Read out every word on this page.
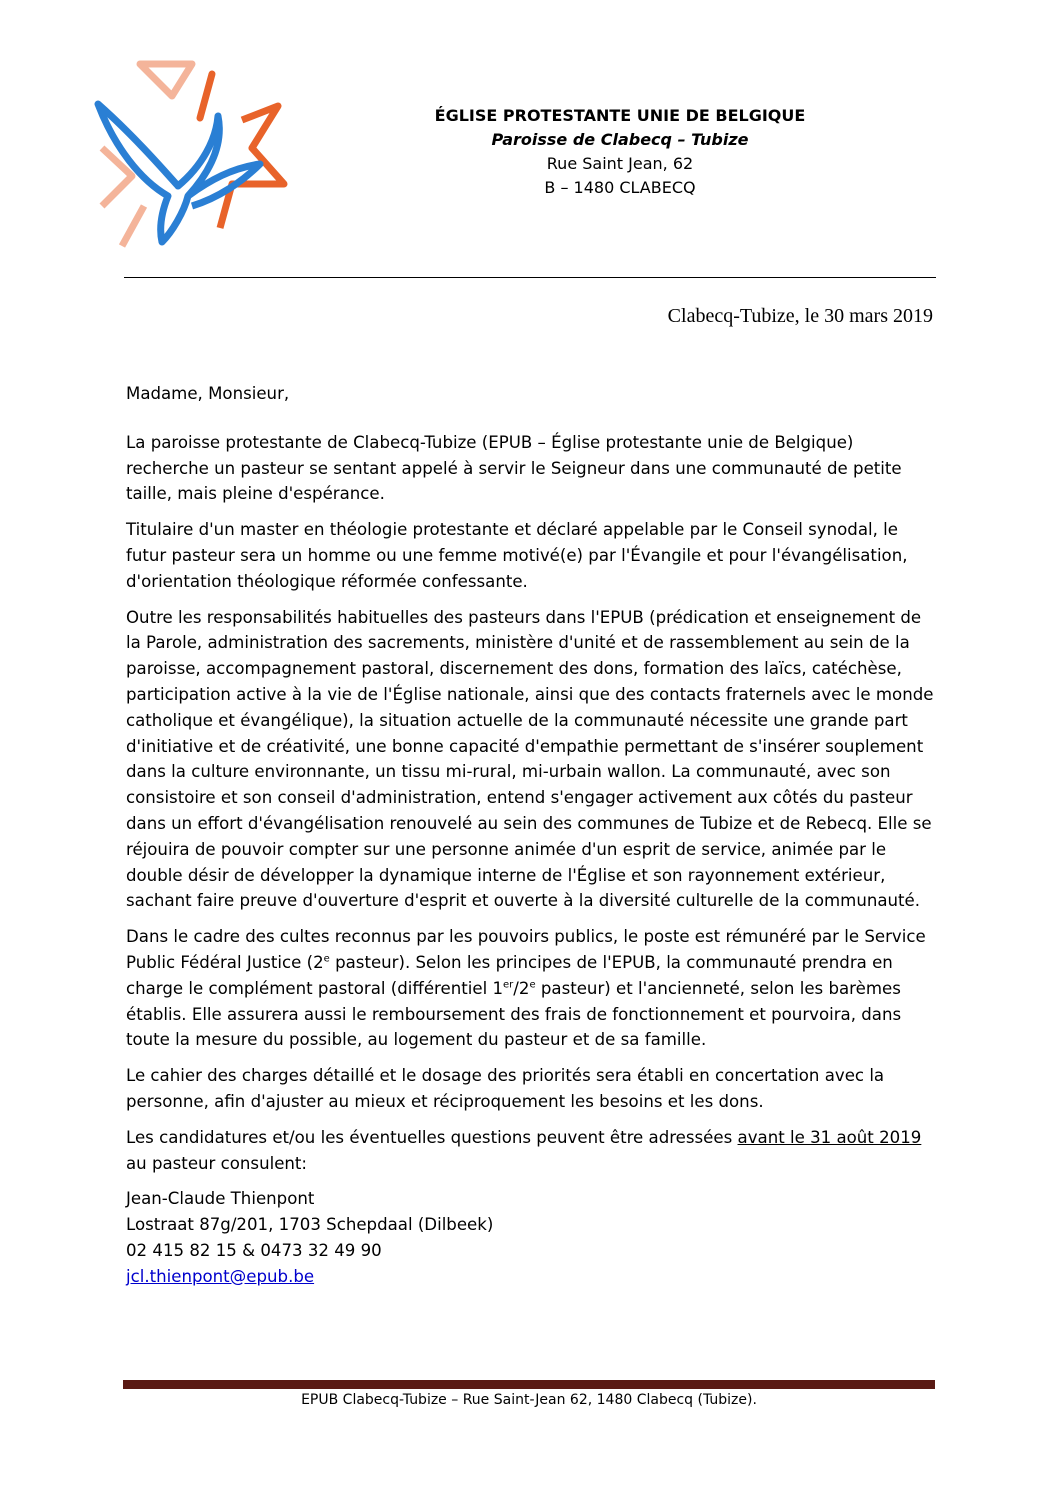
ÉGLISE PROTESTANTE UNIE DE BELGIQUE
Paroisse de Clabecq – Tubize
Rue Saint Jean, 62
B – 1480 CLABECQ
Clabecq-Tubize, le 30 mars 2019

Madame, Monsieur,

La paroisse protestante de Clabecq-Tubize (EPUB – Église protestante unie de Belgique) recherche un pasteur se sentant appelé à servir le Seigneur dans une communauté de petite taille, mais pleine d'espérance.

Titulaire d'un master en théologie protestante et déclaré appelable par le Conseil synodal, le futur pasteur sera un homme ou une femme motivé(e) par l'Évangile et pour l'évangélisation, d'orientation théologique réformée confessante.

Outre les responsabilités habituelles des pasteurs dans l'EPUB (prédication et enseignement de la Parole, administration des sacrements, ministère d'unité et de rassemblement au sein de la paroisse, accompagnement pastoral, discernement des dons, formation des laïcs, catéchèse, participation active à la vie de l'Église nationale, ainsi que des contacts fraternels avec le monde catholique et évangélique), la situation actuelle de la communauté nécessite une grande part d'initiative et de créativité, une bonne capacité d'empathie permettant de s'insérer souplement dans la culture environnante, un tissu mi-rural, mi-urbain wallon. La communauté, avec son consistoire et son conseil d'administration, entend s'engager activement aux côtés du pasteur dans un effort d'évangélisation renouvelé au sein des communes de Tubize et de Rebecq. Elle se réjouira de pouvoir compter sur une personne animée d'un esprit de service, animée par le double désir de développer la dynamique interne de l'Église et son rayonnement extérieur, sachant faire preuve d'ouverture d'esprit et ouverte à la diversité culturelle de la communauté.

Dans le cadre des cultes reconnus par les pouvoirs publics, le poste est rémunéré par le Service Public Fédéral Justice (2e pasteur). Selon les principes de l'EPUB, la communauté prendra en charge le complément pastoral (différentiel 1er/2e pasteur) et l'ancienneté, selon les barèmes établis. Elle assurera aussi le remboursement des frais de fonctionnement et pourvoira, dans toute la mesure du possible, au logement du pasteur et de sa famille.

Le cahier des charges détaillé et le dosage des priorités sera établi en concertation avec la personne, afin d'ajuster au mieux et réciproquement les besoins et les dons.

Les candidatures et/ou les éventuelles questions peuvent être adressées avant le 31 août 2019 au pasteur consulent:

Jean-Claude Thienpont

Lostraat 87g/201, 1703 Schepdaal (Dilbeek)

02 415 82 15 & 0473 32 49 90

jcl.thienpont@epub.be

EPUB Clabecq-Tubize – Rue Saint-Jean 62, 1480 Clabecq (Tubize).
